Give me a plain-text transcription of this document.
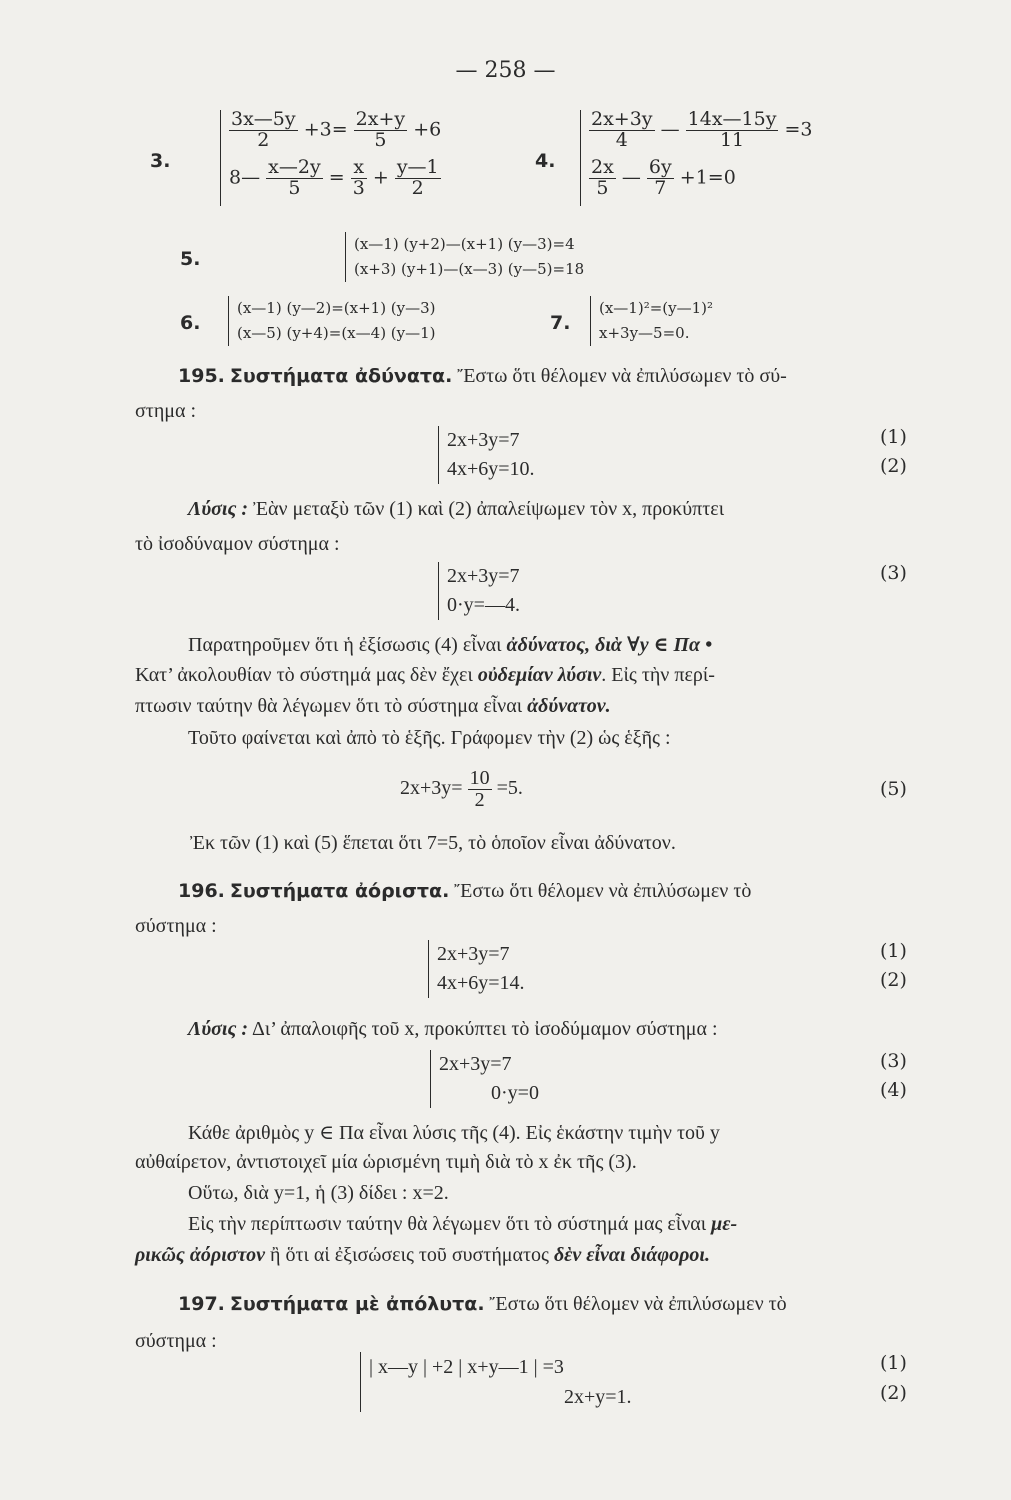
— 258 —
3.
$\frac{3x—5y}{2} +3= \frac{2x+y}{5} +6$
8— $\frac{x—2y}{5} = \frac{x}{3} + \frac{y—1}{2}$	4.
$\frac{2x+3y}{4}$ — $\frac{14x—15y}{11} =3$
$\frac{2x}{5}$ — $\frac{6y}{7} +1=0$
5.
(x—1) (y+2)—(x+1) (y—3)=4
(x+3) (y+1)—(x—3) (y—5)=18
6.
(x—1) (y—2)=(x+1) (y—3)
(x—5) (y+4)=(x—4) (y—1)	7.
(x—1)²=(y—1)²
x+3y—5=0.
195. Συστήματα ἀδύνατα. Ἔστω ὅτι θέλομεν νὰ ἐπιλύσωμεν τὸ σύ-
στημα :
2x+3y=7
4x+6y=10.
(1)
(2)
Λύσις : Ἐὰν μεταξὺ τῶν (1) καὶ (2) ἀπαλείψωμεν τὸν x, προκύπτει
τὸ ἰσοδύναμον σύστημα :
2x+3y=7
0·y=—4.
(3)
Παρατηροῦμεν ὅτι ἡ ἐξίσωσις (4) εἶναι ἀδύνατος, διὰ ∀y ∈ Πα •
Κατ’ ἀκολουθίαν τὸ σύστημά μας δὲν ἔχει οὐδεμίαν λύσιν. Εἰς τὴν περί-
πτωσιν ταύτην θὰ λέγωμεν ὅτι τὸ σύστημα εἶναι ἀδύνατον.
Τοῦτο φαίνεται καὶ ἀπὸ τὸ ἑξῆς. Γράφομεν τὴν (2) ὡς ἑξῆς :
$2x+3y= \frac{10}{2} =5$.	(5)
Ἐκ τῶν (1) καὶ (5) ἕπεται ὅτι 7=5, τὸ ὁποῖον εἶναι ἀδύνατον.
196. Συστήματα ἀόριστα. Ἔστω ὅτι θέλομεν νὰ ἐπιλύσωμεν τὸ
σύστημα :
2x+3y=7
4x+6y=14.
(1)
(2)
Λύσις : Δι’ ἀπαλοιφῆς τοῦ x, προκύπτει τὸ ἰσοδύμαμον σύστημα :
2x+3y=7
0·y=0
(3)
(4)
Κάθε ἀριθμὸς y ∈ Πα εἶναι λύσις τῆς (4). Εἰς ἑκάστην τιμὴν τοῦ y
αὐθαίρετον, ἀντιστοιχεῖ μία ὡρισμένη τιμὴ διὰ τὸ x ἐκ τῆς (3).
Οὕτω, διὰ y=1, ἡ (3) δίδει : x=2.
Εἰς τὴν περίπτωσιν ταύτην θὰ λέγωμεν ὅτι τὸ σύστημά μας εἶναι με-
ρικῶς ἀόριστον ἢ ὅτι αἱ ἐξισώσεις τοῦ συστήματος δὲν εἶναι διάφοροι.
197. Συστήματα μὲ ἀπόλυτα. Ἔστω ὅτι θέλομεν νὰ ἐπιλύσωμεν τὸ
σύστημα :
| x—y | +2 | x+y—1 | =3
2x+y=1.
(1)
(2)
